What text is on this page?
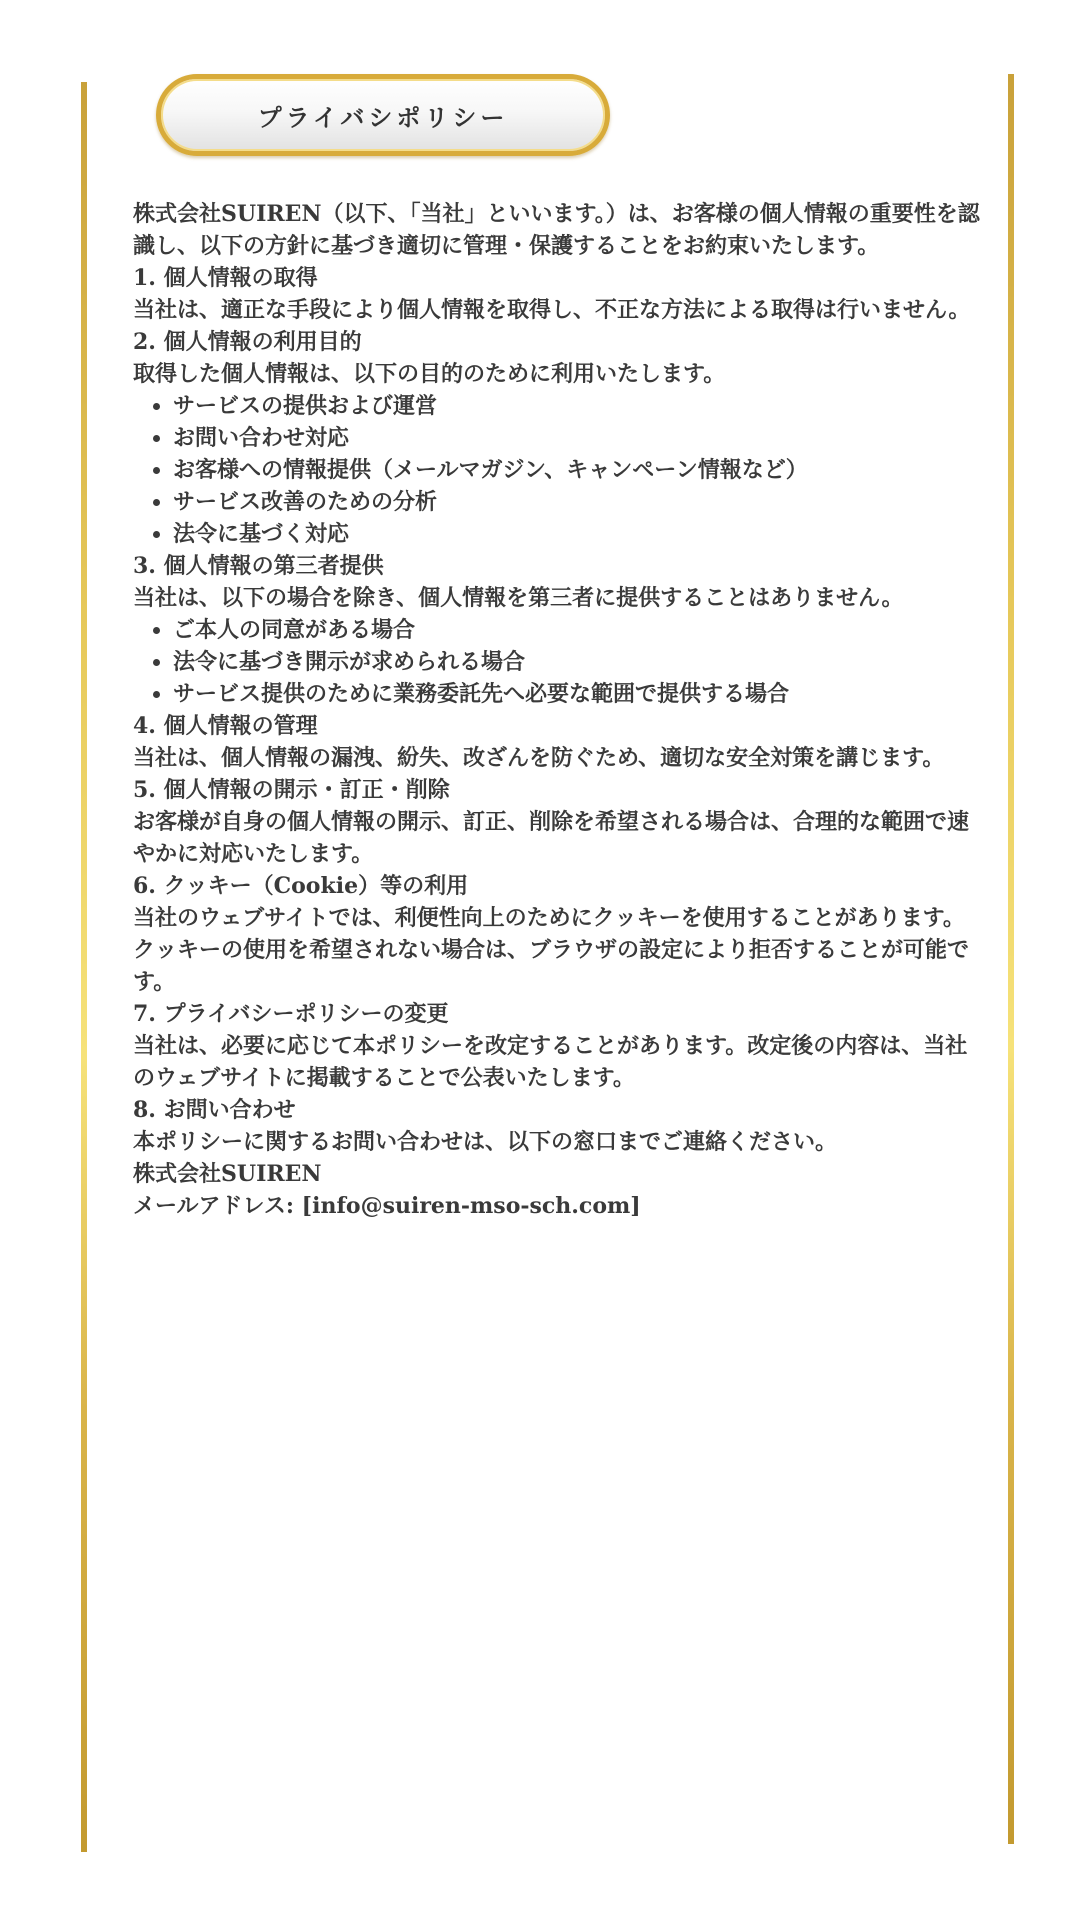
プライバシポリシー

株式会社SUIREN（以下、「当社」といいます。）は、お客様の個人情報の重要性を認識し、以下の方針に基づき適切に管理・保護することをお約束いたします。

1. 個人情報の取得

当社は、適正な手段により個人情報を取得し、不正な方法による取得は行いません。

2. 個人情報の利用目的

取得した個人情報は、以下の目的のために利用いたします。

• サービスの提供および運営
• お問い合わせ対応
• お客様への情報提供（メールマガジン、キャンペーン情報など）
• サービス改善のための分析
• 法令に基づく対応

3. 個人情報の第三者提供

当社は、以下の場合を除き、個人情報を第三者に提供することはありません。

• ご本人の同意がある場合
• 法令に基づき開示が求められる場合
• サービス提供のために業務委託先へ必要な範囲で提供する場合

4. 個人情報の管理

当社は、個人情報の漏洩、紛失、改ざんを防ぐため、適切な安全対策を講じます。

5. 個人情報の開示・訂正・削除

お客様が自身の個人情報の開示、訂正、削除を希望される場合は、合理的な範囲で速やかに対応いたします。

6. クッキー（Cookie）等の利用

当社のウェブサイトでは、利便性向上のためにクッキーを使用することがあります。クッキーの使用を希望されない場合は、ブラウザの設定により拒否することが可能です。

7. プライバシーポリシーの変更

当社は、必要に応じて本ポリシーを改定することがあります。改定後の内容は、当社のウェブサイトに掲載することで公表いたします。

8. お問い合わせ

本ポリシーに関するお問い合わせは、以下の窓口までご連絡ください。

株式会社SUIREN

メールアドレス: [info@suiren-mso-sch.com]
